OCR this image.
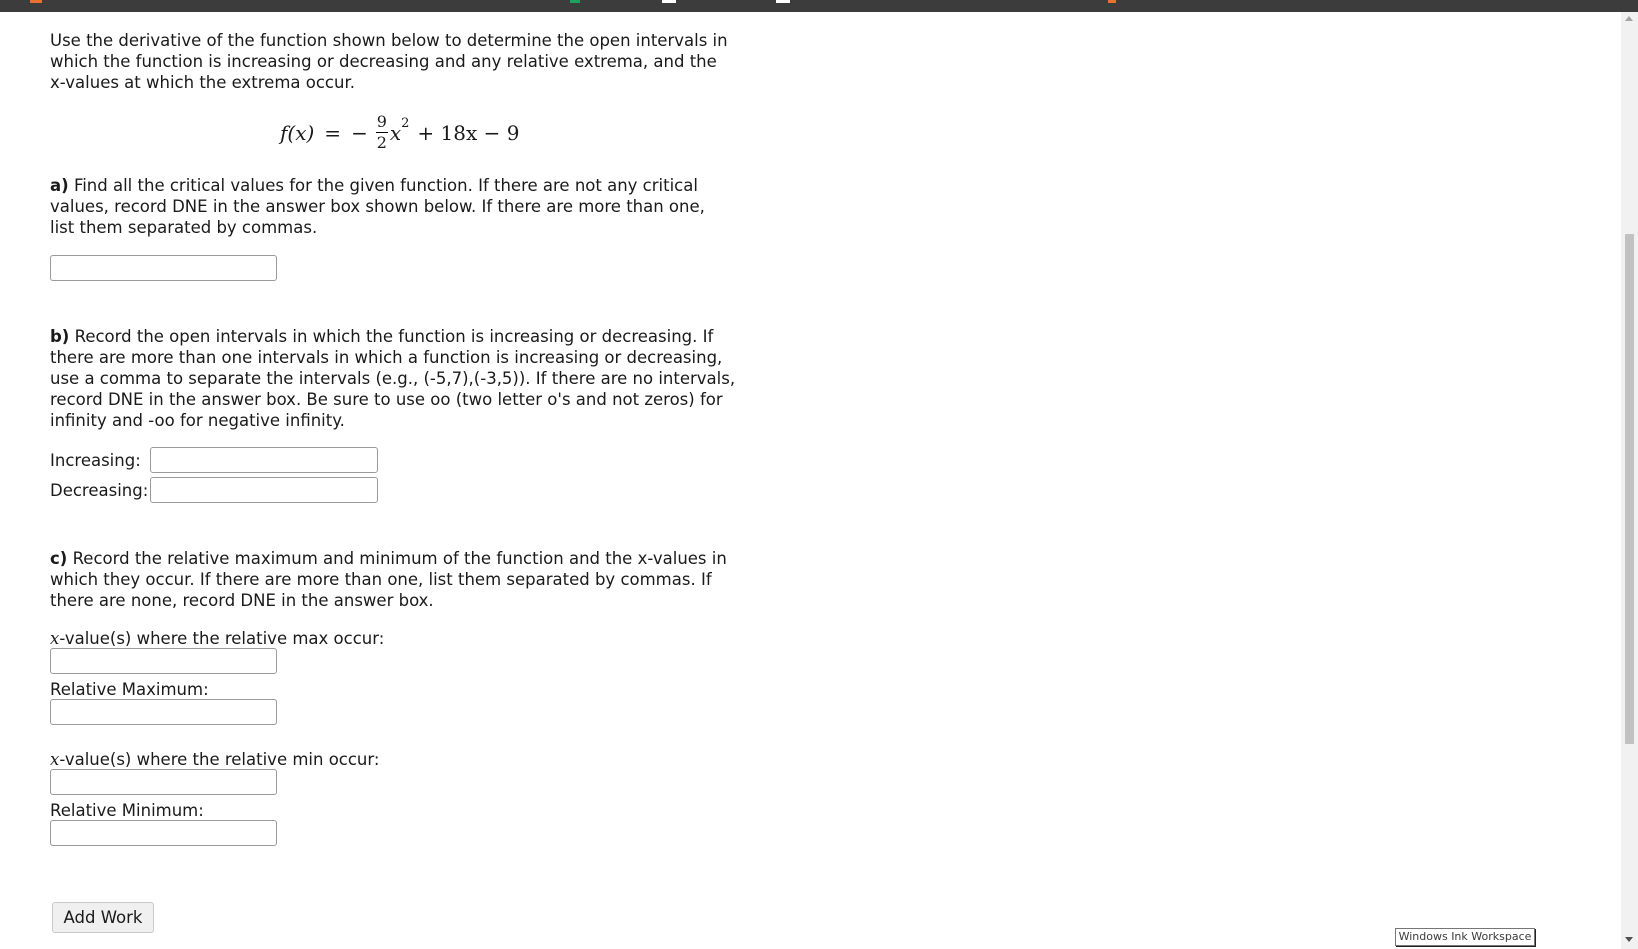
Use the derivative of the function shown below to determine the open intervals in which the function is increasing or decreasing and any relative extrema, and the x-values at which the extrema occur.

f(x) = − $\frac{9}{2}$ x 2 + 18x − 9

a) Find all the critical values for the given function. If there are not any critical values, record DNE in the answer box shown below. If there are more than one, list them separated by commas.

b) Record the open intervals in which the function is increasing or decreasing. If there are more than one intervals in which a function is increasing or decreasing, use a comma to separate the intervals (e.g., (-5,7),(-3,5)). If there are no intervals, record DNE in the answer box. Be sure to use oo (two letter o's and not zeros) for infinity and -oo for negative infinity.

Increasing:
Decreasing:

c) Record the relative maximum and minimum of the function and the x-values in which they occur. If there are more than one, list them separated by commas. If there are none, record DNE in the answer box.

x-value(s) where the relative max occur:

Relative Maximum:

x-value(s) where the relative min occur:

Relative Minimum:

Add Work
Windows Ink Workspace
